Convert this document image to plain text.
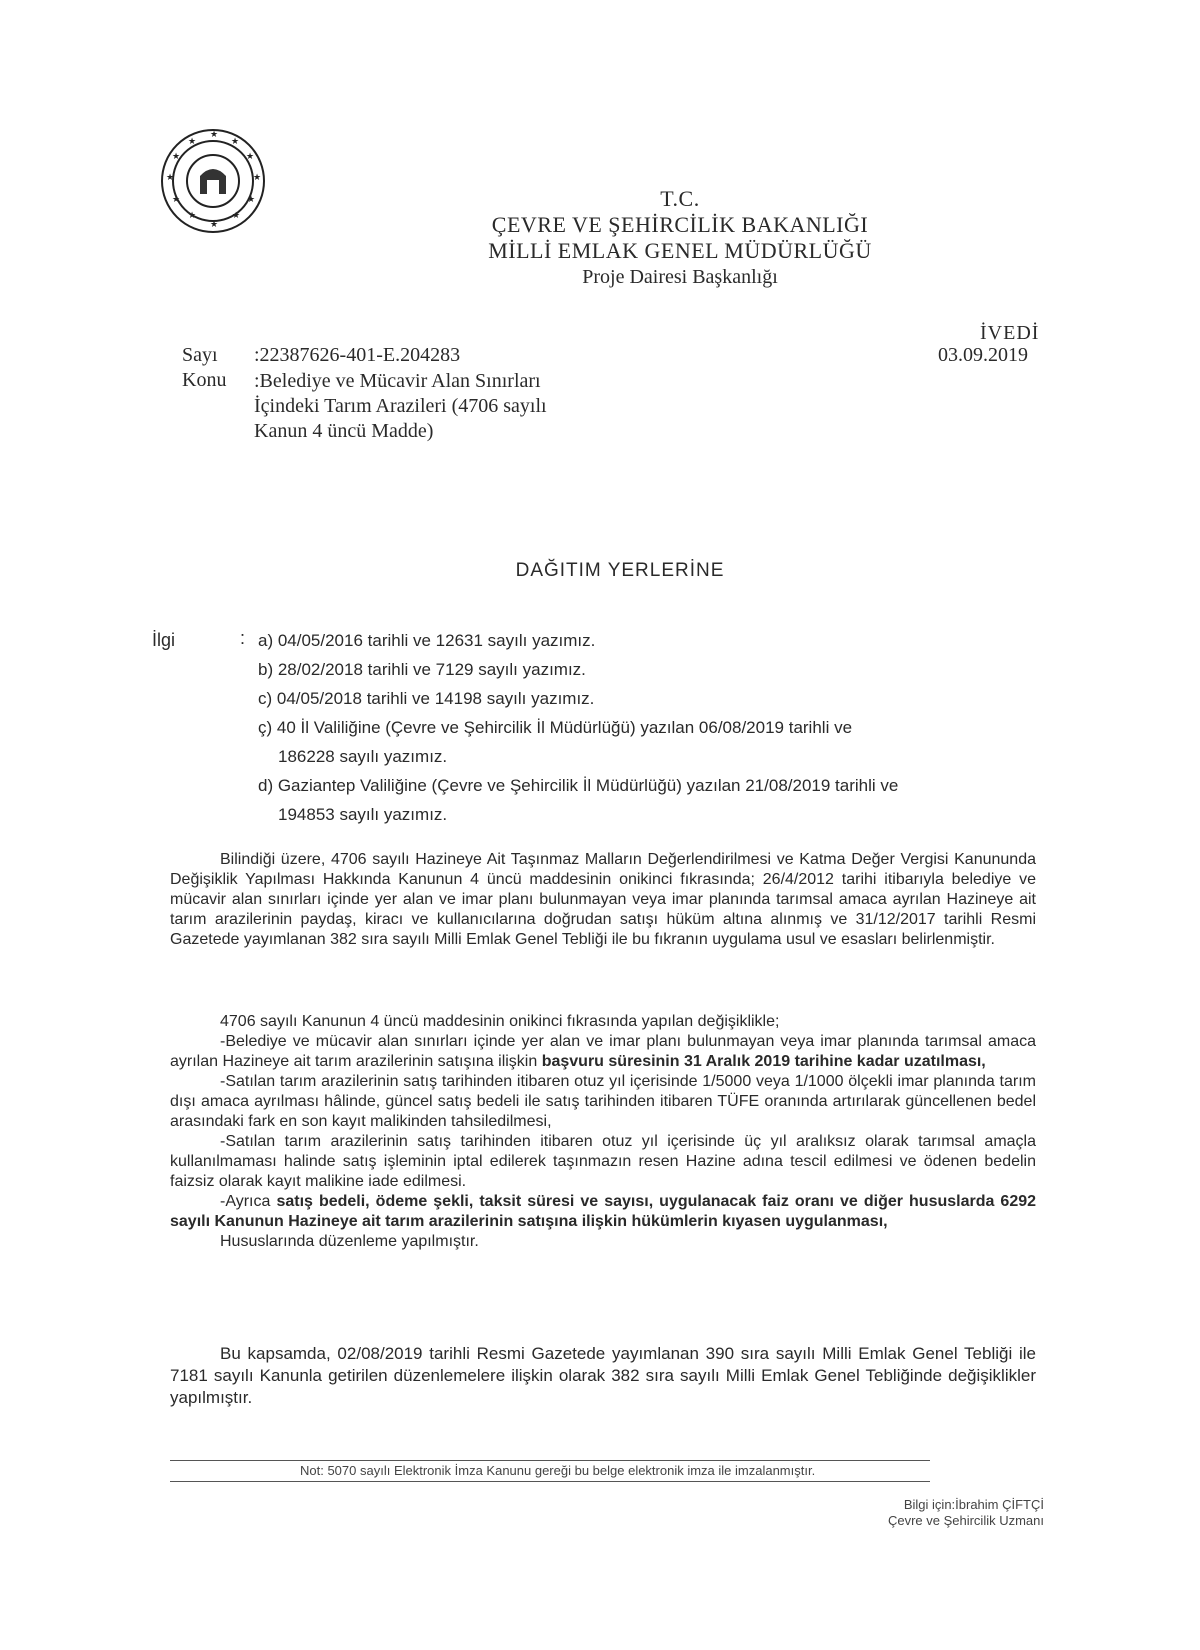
★
★
★
★
★
★
★
★
★
★
★
★
T.C.
ÇEVRE VE ŞEHİRCİLİK BAKANLIĞI
MİLLİ EMLAK GENEL MÜDÜRLÜĞÜ
Proje Dairesi Başkanlığı
İVEDİ
03.09.2019
Sayı :22387626-401-E.204283
Konu :Belediye ve Mücavir Alan Sınırları
İçindeki Tarım Arazileri (4706 sayılı
Kanun 4 üncü Madde)
DAĞITIM YERLERİNE
İlgi	: a) 04/05/2016 tarihli ve 12631 sayılı yazımız.
b) 28/02/2018 tarihli ve 7129 sayılı yazımız.
c) 04/05/2018 tarihli ve 14198 sayılı yazımız.
ç) 40 İl Valiliğine (Çevre ve Şehircilik İl Müdürlüğü) yazılan 06/08/2019 tarihli ve
186228 sayılı yazımız.
d) Gaziantep Valiliğine (Çevre ve Şehircilik İl Müdürlüğü) yazılan 21/08/2019 tarihli ve
194853 sayılı yazımız.
Bilindiği üzere, 4706 sayılı Hazineye Ait Taşınmaz Malların Değerlendirilmesi ve Katma Değer Vergisi Kanununda Değişiklik Yapılması Hakkında Kanunun 4 üncü maddesinin onikinci fıkrasında; 26/4/2012 tarihi itibarıyla belediye ve mücavir alan sınırları içinde yer alan ve imar planı bulunmayan veya imar planında tarımsal amaca ayrılan Hazineye ait tarım arazilerinin paydaş, kiracı ve kullanıcılarına doğrudan satışı hüküm altına alınmış ve 31/12/2017 tarihli Resmi Gazetede yayımlanan 382 sıra sayılı Milli Emlak Genel Tebliği ile bu fıkranın uygulama usul ve esasları belirlenmiştir.
4706 sayılı Kanunun 4 üncü maddesinin onikinci fıkrasında yapılan değişiklikle;
-Belediye ve mücavir alan sınırları içinde yer alan ve imar planı bulunmayan veya imar planında tarımsal amaca ayrılan Hazineye ait tarım arazilerinin satışına ilişkin başvuru süresinin 31 Aralık 2019 tarihine kadar uzatılması,
-Satılan tarım arazilerinin satış tarihinden itibaren otuz yıl içerisinde 1/5000 veya 1/1000 ölçekli imar planında tarım dışı amaca ayrılması hâlinde, güncel satış bedeli ile satış tarihinden itibaren TÜFE oranında artırılarak güncellenen bedel arasındaki fark en son kayıt malikinden tahsiledilmesi,
-Satılan tarım arazilerinin satış tarihinden itibaren otuz yıl içerisinde üç yıl aralıksız olarak tarımsal amaçla kullanılmaması halinde satış işleminin iptal edilerek taşınmazın resen Hazine adına tescil edilmesi ve ödenen bedelin faizsiz olarak kayıt malikine iade edilmesi.
-Ayrıca satış bedeli, ödeme şekli, taksit süresi ve sayısı, uygulanacak faiz oranı ve diğer hususlarda 6292 sayılı Kanunun Hazineye ait tarım arazilerinin satışına ilişkin hükümlerin kıyasen uygulanması,
Hususlarında düzenleme yapılmıştır.
Bu kapsamda, 02/08/2019 tarihli Resmi Gazetede yayımlanan 390 sıra sayılı Milli Emlak Genel Tebliği ile 7181 sayılı Kanunla getirilen düzenlemelere ilişkin olarak 382 sıra sayılı Milli Emlak Genel Tebliğinde değişiklikler yapılmıştır.
Not: 5070 sayılı Elektronik İmza Kanunu gereği bu belge elektronik imza ile imzalanmıştır.
Bilgi için:İbrahim ÇİFTÇİ
Çevre ve Şehircilik Uzmanı
